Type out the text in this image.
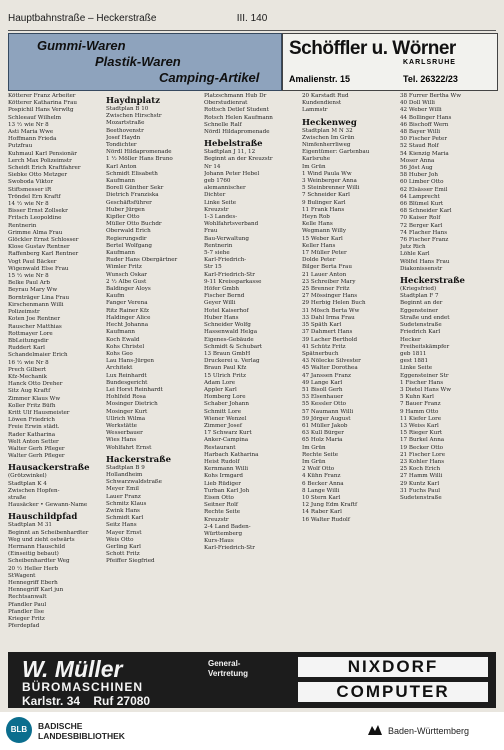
Hauptbahnstraße – Heckerstraße	III. 140
Gummi-Waren
Plastik-Waren
Camping-Artikel
Schöffler u. Wörner
KARLSRUHE
Amalienstr. 15	Tel. 26322/23
Kötterer Franz Arbeiter
Kötterer Katharina Frau
Pospichil Hans Verwltg
Schleeauf Wilhelm
13 ½ wie Nr 8
Asti Maria Wwe
Hoffmann Frieda
Putzfrau
Kuhmaul Karl Pensionär
Lerch Max Polizeimstr
Scheidt Erich Kraftfahrer
Siebke Otto Metzger
Swoboda Viktor
Stiftsmesser iR
Tröndel Ern Kraftf
14 ½ wie Nr 8
Bisser Ernst Zollsekr
Fritsch Leopoldine
Rentnerin
Grimme Alma Frau
Glöckler Ernst Schlosser
Klose Gustav Rentner
Raffenberg Karl Rentner
Vogt Paul Bäcker
Wigenwald Else Frau
15 ½ wie Nr 8
Belke Paul Arb
Beyrau Mary Ww
Bornträger Lina Frau
Kirschenmann Willi
Polizeimstr
Koten Joe Rentner
Rauscher Matthias
Rottmayer Lore
BbLeitungsdir
Ruddert Karl
Schandelmaier Erich
16 ½ wie Nr 8
Prech Gilbert
Kfz-Mechanik
Hanck Otto Dreher
Sitz Aug Kraftf
Zimmer Klaus Ww
Koller Fritz Büfh
Kritt Ulf Hausmeister
Löwen Friedrich
Freie Erwin städt.
Rader Katharina
Welt Anton Setter
Walter Gerh Pfleger
Walter Gerh Pfleger
Hausackerstraße
(Grötzwinkel)
Stadtplan K 4
Zwischen Hopfen-
straße
Hausäcker • Gewann-Name
Hauschildpfad
Stadtplan M 31
Beginnt an Scheibenhardter
Weg und zieht ostwärts
Hermann Hauschild
(Einseitig bebaut)
Scheibenhardter Weg
20 ½ Heller Herb
StWagent
Hennegriff Eberh
Hennegriff Karl jun
Rechtsanwalt
Pfandler Paul
Pfandler Ilse
Krieger Fritz
Pferdepfad
Haydnplatz
Stadtplan B 10
Zwischen Hirschstr
Mozartstraße
Beethovenstr
Josef Haydn
Tondichter
Nördl Hildapromenade
1 ½ Möller Hans Bruno
Karl Anton
Schmidt Elisabeth
Kaufmann
Borell Günther Sekr
Dietrich Franziska
Geschäftsführer
Huber Jürgen
Kipfler Otto
Müller Otto Buchdr
Oberwald Erich
Regierungsdir
Bertel Wolfgang
Kaufmann
Ruder Hans Obergärtner
Wimler Fritz
Wunsch Oskar
2 ½ Albe Gust
Baldinger Aloys
Kaufm
Fanger Verena
Ritz Rainer Kfz
Haldinger Alice
Hecht Johanna
Kaufmann
Koch Ewald
Kohs Christel
Kohs Geo
Lau Hans-Jürgen
Architekt
Lux Reinhardt
Bundesgericht
Lei Horst Reinhardt
Hohlfeld Rosa
Mosinger Dietrich
Mosinger Kurt
Ullrich Wilma
Werkstätte
Wesserbauer
Wies Hans
Wohlfahrt Ernst
Hackerstraße
Stadtplan B 9
Hollandheim
Schwarzwaldstraße
Meyer Emil
Lauer Franz
Schmitz Klaus
Zwink Hans
Schmidt Karl
Seitz Hans
Mayer Ernst
Weis Otto
Gerling Karl
Schott Fritz
Pfeiffer Siegfried
Platzschmann Hub Dr
Oberstudienrat
Rottsch Detlef Student
Rotsch Helen Kaufmann
Schnelle Ralf
Nördl Hildapromenade
Hebelstraße
Stadtplan J 11, 12
Beginnt an der Kreuzstr
Nr 14
Johann Peter Hebel
geb 1760
alemannischer
Dichter
Linke Seite
Kreuzstr
1-3 Landes-
Wohlfahrtsverband
Frau
Bau-Verwaltung
Rentnerin
5-7 siehe
Karl-Friedrich-
Str 15
Karl-Friedrich-Str
9-11 Kreissparkasse
Höfer Gmbh
Fischer Bernd
Geyer Willi
Hotel Kaiserhof
Huber Hans
Schneider Wolfg
Hassenwald Helga
Eigenes-Gebäude
Schmidt & Schubart
13 Braun GmbH
Druckerei u. Verlag
Braun Paul Kfz
15 Ulrich Fritz
Adam Lore
Appler Karl
Homberg Lore
Schaber Johann
Schmitt Lore
Wiener Wenzel
Zimmer Josef
17 Schwarz Kurt
Anker-Campina
Restaurant
Harbach Katharina
Heist Rudolf
Kernmann Willi
Kohs Irmgard
Lieb Rüdiger
Turban Karl Joh
Eisen Otto
Seitner Rolf
Rechte Seite
Kreuzstr
2-4 Land Baden-
Württemberg
Kurs-Haus
Karl-Friedrich-Str
20 Karstadt Rud
Kundendienst
Lammstr
Heckenweg
Stadtplan M N 32
Zwischen Im Grün
Nimfenherrliweg
Eigentümer: Gartenbau
Karlsruhe
Im Grün
1 Wind Paula Ww
3 Weinberger Anna
5 Steinbrenner Willi
7 Schneider Karl
9 Bulinger Karl
11 Frank Hans
Heyn Rob
Kelle Hans
Wegmann Willy
15 Weber Karl
Keller Hans
17 Müller Peter
Dolde Peter
Bilger Berta Frau
21 Lauer Anton
23 Schreiber Mary
25 Brenner Fritz
27 Mössinger Hans
29 Herbig Helen Buch
31 Mösch Berta Ww
33 Dahl Irma Frau
35 Späth Karl
37 Dahmert Hans
39 Lacher Berthold
41 Schütz Fritz
Spätnerbuch
43 Nölecke Silvester
45 Walter Dorothea
47 Janssen Franz
49 Lange Karl
51 Bisoll Gerh
53 Elsenhauer
55 Kessler Otto
57 Naumann Willi
59 Jörger August
61 Müller Jakob
63 Kull Bürger
65 Holz Maria
Im Grün
Rechte Seite
Im Grün
2 Wolf Otto
4 Kühn Franz
6 Becker Anna
8 Lange Willi
10 Stern Karl
12 Jung Edm Kraftf
14 Raber Karl
16 Walter Rudolf
38 Furrer Bertha Ww
40 Doll Willi
42 Weber Willi
44 Bollinger Hans
46 Bischoff Wern
48 Bayer Willi
50 Fischer Peter
52 Staud Rolf
54 Kienzig Maria
Moser Anna
56 Jöst Aug
58 Huber Joh
60 Limber Otto
62 Elsässer Emil
64 Lamprecht
66 Blümel Kurt
68 Schneider Karl
70 Kaiser Rolf
72 Berger Karl
74 Flacher Hans
76 Fischer Franz
Jutz Rich
Löhle Karl
Wölfel Hans Frau
Diakonissenstr
Heckerstraße
(Kriegsfried)
Stadtplan F 7
Beginnt an der
Eggensteiner
Straße und endet
Sudetenstraße
Friedrich Karl
Hecker
Freiheitskämpfer
geb 1811
gest 1881
Linke Seite
Eggensteiner Str
1 Fischer Hans
3 Dietel Hans Ww
5 Kuhn Karl
7 Bauer Franz
9 Hamm Otto
11 Kiefer Lore
13 Weiss Karl
15 Rieger Kurt
17 Burkel Anna
19 Becker Otto
21 Fischer Lore
23 Kohler Hans
25 Koch Erich
27 Hamm Willi
29 Kuntz Karl
31 Fuchs Paul
Sudetenstraße
W. Müller
BÜROMASCHINEN
Karlstr. 34 Ruf 27080
General-
Vertretung	NIXDORF
COMPUTER
BLB	BADISCHE
LANDESBIBLIOTHEK	Baden-Württemberg
